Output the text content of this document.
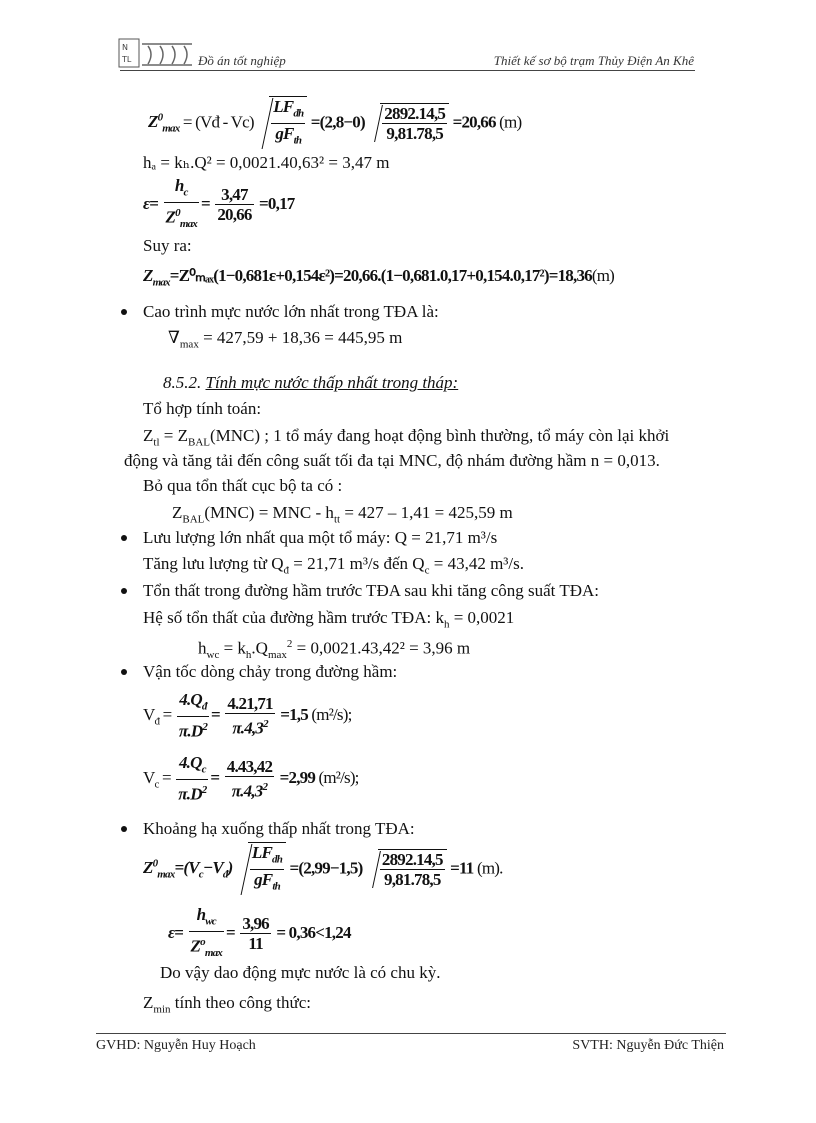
N
TL	Đồ án tốt nghiệp	Thiết kế sơ bộ trạm Thủy Điện An Khê
$Z^0_{max}$ = (Vđ - $Vc) \frac{LF_{dh}}{gF_{th}} =(2,8-0) \frac{2892.14,5}{9,81.78,5} =20,66$ (m)
hₐ = kₕ.Q² = 0,0021.40,63² = 3,47 m
$\varepsilon= \frac{h_c}{Z^0_{max}} = \frac{3,47}{20,66} =0,17$
Suy ra:
$Z_{max}=Z^0_{max}(1-0,681\varepsilon+0,154\varepsilon^2)=20,66.(1-0,681.0,17+0,154.0,17^2)=18,36(m)$
Cao trình mực nước lớn nhất trong TĐA là:
$\nabla_{max} = 427,59 + 18,36 = 445,95$ m
8.5.2. Tính mực nước thấp nhất trong tháp:
Tổ hợp tính toán:
$Z_{tl} = Z_{BAL}(MNC)$ ; 1 tổ máy đang hoạt động bình thường, tổ máy còn lại khởi
động và tăng tải đến công suất tối đa tại MNC, độ nhám đường hầm n = 0,013.
Bỏ qua tổn thất cục bộ ta có :
$Z_{BAL}(MNC)$ = MNC - $h_{tt} = 427 - 1,41 = 425,59$ m
Lưu lượng lớn nhất qua một tổ máy: Q = 21,71 m³/s
Tăng lưu lượng từ $Q_đ = 21,71$ m³/s đến $Q_c = 43,42$ m³/s.
Tổn thất trong đường hầm trước TĐA sau khi tăng công suất TĐA:
Hệ số tổn thất của đường hầm trước TĐA: $k_h = 0,0021$
$h_{wc} = k_h.Q_{max}^2 = 0,0021.43,42^2 = 3,96$ m
Vận tốc dòng chảy trong đường hầm:
$V_đ = \frac{4.Q_đ}{\pi.D^2} = \frac{4.21,71}{\pi.4,3^2} =1,5$ (m²/s);
$V_c = \frac{4.Q_c}{\pi.D^2} = \frac{4.43,42}{\pi.4,3^2} =2,99$ (m²/s);
Khoảng hạ xuống thấp nhất trong TĐA:
$Z^0_{max}=(V_c-V_đ) \frac{LF_{dh}}{gF_{th}} =(2,99-1,5) \frac{2892.14,5}{9,81.78,5} =11$ (m).
$\varepsilon= \frac{h_{wc}}{Z^o_{max}} = \frac{3,96}{11} = 0,36<1,24$
Do vậy dao động mực nước là có chu kỳ.
$Z_{min}$ tính theo công thức:
GVHD: Nguyễn Huy Hoạch	SVTH: Nguyễn Đức Thiện
